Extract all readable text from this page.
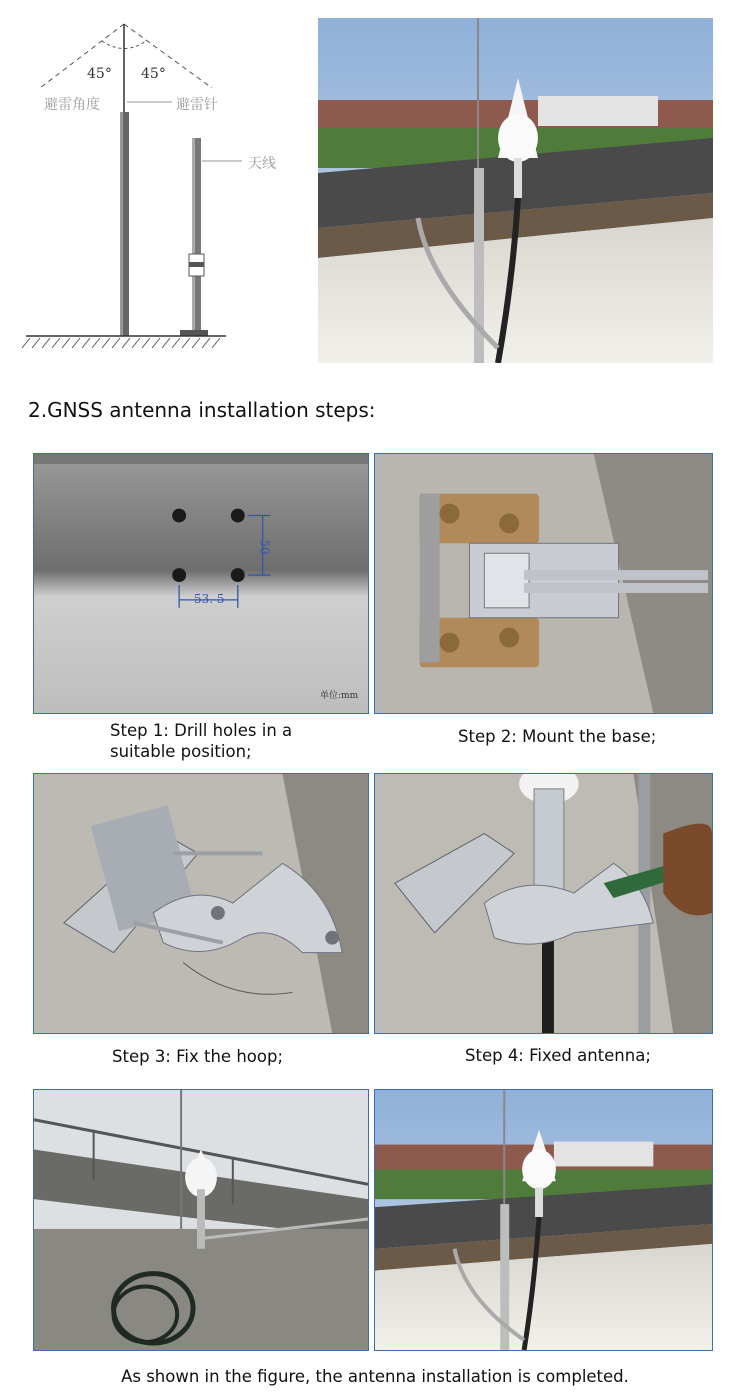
45° 45°
避雷角度	避雷针
天线
2.GNSS antenna installation steps:
50
53. 5
单位:mm
Step 1: Drill holes in a
suitable position;
Step 2: Mount the base;
Step 3: Fix the hoop;	Step 4: Fixed antenna;
As shown in the figure, the antenna installation is completed.
